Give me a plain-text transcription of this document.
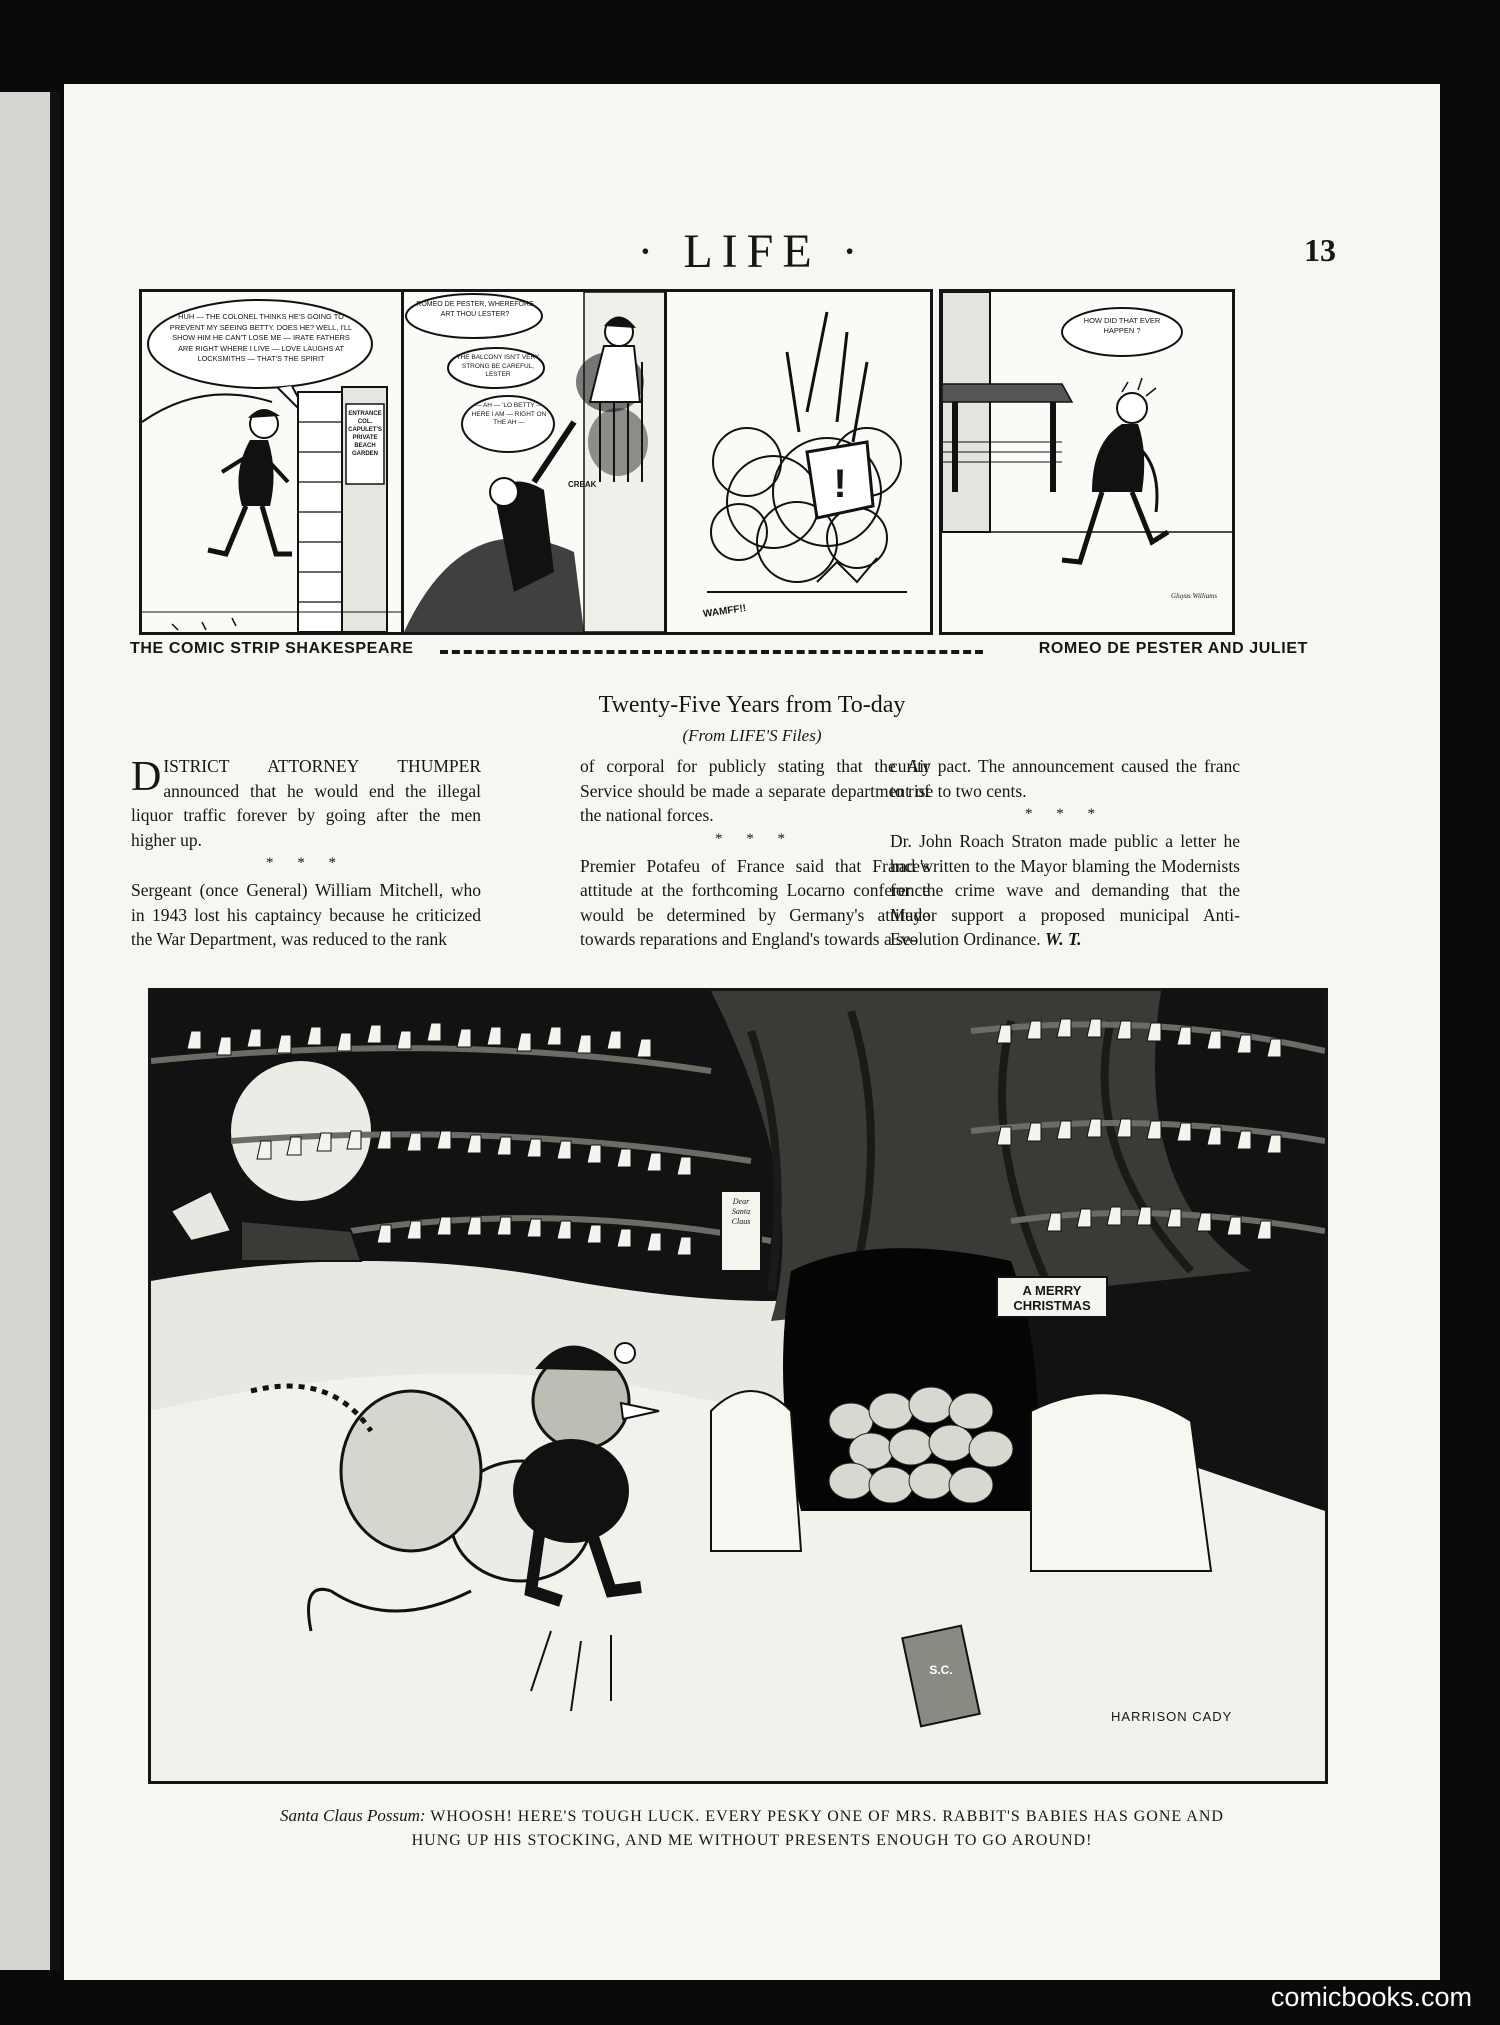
· LIFE ·	13
HUH — THE COLONEL THINKS HE'S GOING TO PREVENT MY SEEING BETTY. DOES HE? WELL, I'LL SHOW HIM HE CAN'T LOSE ME — IRATE FATHERS ARE RIGHT WHERE I LIVE — LOVE LAUGHS AT LOCKSMITHS — THAT'S THE SPIRIT
ENTRANCE COL. CAPULET'S PRIVATE BEACH GARDEN
ROMEO DE PESTER, WHEREFORE ART THOU LESTER?
THE BALCONY ISN'T VERY STRONG BE CAREFUL, LESTER
— AH — 'LO BETTY — HERE I AM — RIGHT ON THE AH —
CREAK	!
WAMFF!!
HOW DID THAT EVER HAPPEN ?
Gluyas Williams
THE COMIC STRIP SHAKESPEARE	ROMEO DE PESTER AND JULIET
Twenty-Five Years from To-day
(From LIFE'S Files)

DISTRICT ATTORNEY THUMPER announced that he would end the illegal liquor traffic forever by going after the men higher up.

* * *

Sergeant (once General) William Mitchell, who in 1943 lost his captaincy because he criticized the War Department, was reduced to the rank

of corporal for publicly stating that the Air Service should be made a separate department of the national forces.

* * *

Premier Potafeu of France said that France's attitude at the forthcoming Locarno conference would be determined by Germany's attitude towards reparations and England's towards a se-

curity pact. The announcement caused the franc to rise to two cents.

* * *

Dr. John Roach Straton made public a letter he had written to the Mayor blaming the Modernists for the crime wave and demanding that the Mayor support a proposed municipal Anti-Evolution Ordinance. W. T.

A MERRY CHRISTMAS
Dear Santa Claus
S.C.
HARRISON CADY
Santa Claus Possum: WHOOSH! HERE'S TOUGH LUCK. EVERY PESKY ONE OF MRS. RABBIT'S BABIES HAS GONE AND
HUNG UP HIS STOCKING, AND ME WITHOUT PRESENTS ENOUGH TO GO AROUND!
comicbooks.com
